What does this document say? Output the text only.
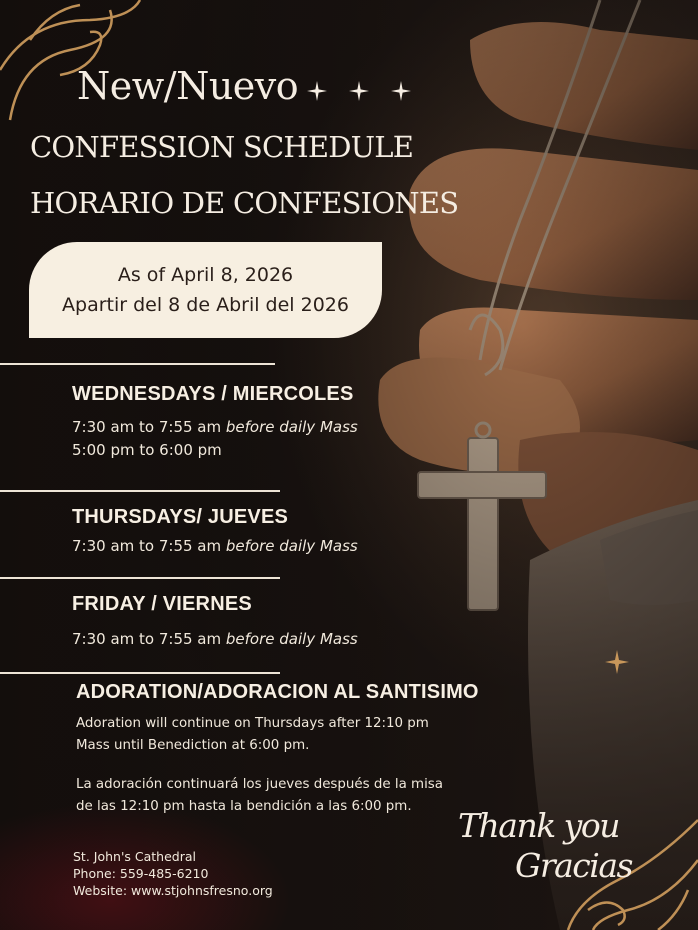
New/Nuevo
CONFESSION SCHEDULE
HORARIO DE CONFESIONES
As of April 8, 2026
Apartir del 8 de Abril del 2026
WEDNESDAYS / MIERCOLES
7:30 am to 7:55 am before daily Mass
5:00 pm to 6:00 pm
THURSDAYS/ JUEVES
7:30 am to 7:55 am before daily Mass
FRIDAY / VIERNES
7:30 am to 7:55 am before daily Mass
ADORATION/ADORACION AL SANTISIMO
Adoration will continue on Thursdays after 12:10 pm
Mass until Benediction at 6:00 pm.
La adoración continuará los jueves después de la misa
de las 12:10 pm hasta la bendición a las 6:00 pm.
St. John's Cathedral
Phone: 559-485-6210
Website: www.stjohnsfresno.org
Thank you
Gracias
